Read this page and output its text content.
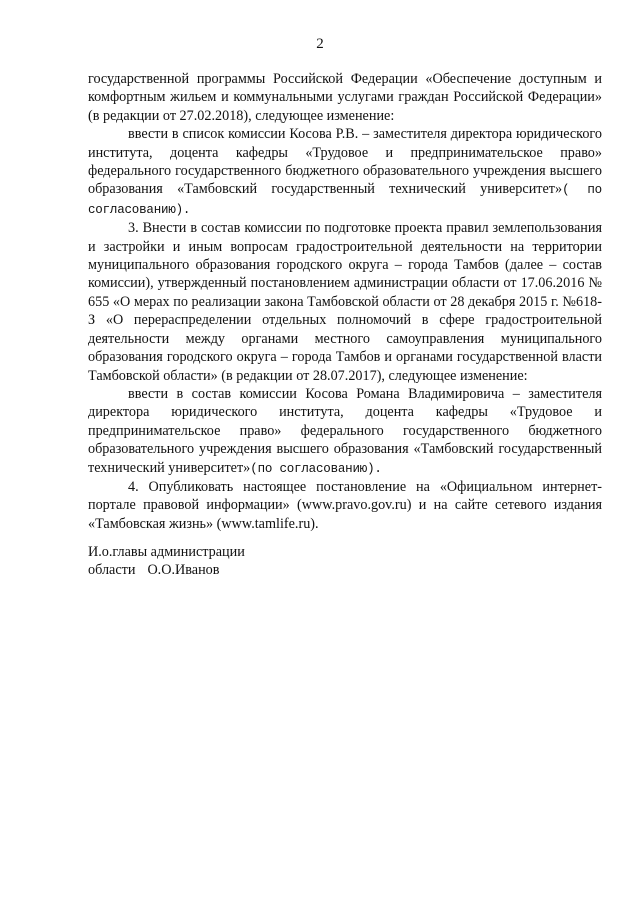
2

государственной программы Российской Федерации «Обеспечение доступным и комфортным жильем и коммунальными услугами граждан Российской Федерации» (в редакции от 27.02.2018), следующее изменение:

ввести в список комиссии Косова Р.В. – заместителя директора юридического института, доцента кафедры «Трудовое и предпринимательское право» федерального государственного бюджетного образовательного учреждения высшего образования «Тамбовский государственный технический университет»( по согласованию).

3. Внести в состав комиссии по подготовке проекта правил землепользования и застройки и иным вопросам градостроительной деятельности на территории муниципального образования городского округа – города Тамбов (далее – состав комиссии), утвержденный постановлением администрации области от 17.06.2016 № 655 «О мерах по реализации закона Тамбовской области от 28 декабря 2015 г. №618-З «О перераспределении отдельных полномочий в сфере градостроительной деятельности между органами местного самоуправления муниципального образования городского округа – города Тамбов и органами государственной власти Тамбовской области» (в редакции от 28.07.2017), следующее изменение:

ввести в состав комиссии Косова Романа Владимировича – заместителя директора юридического института, доцента кафедры «Трудовое и предпринимательское право» федерального государственного бюджетного образовательного учреждения высшего образования «Тамбовский государственный технический университет»(по согласованию).

4. Опубликовать настоящее постановление на «Официальном интернет-портале правовой информации» (www.pravo.gov.ru) и на сайте сетевого издания «Тамбовская жизнь» (www.tamlife.ru).

И.о.главы администрации
области О.О.Иванов
